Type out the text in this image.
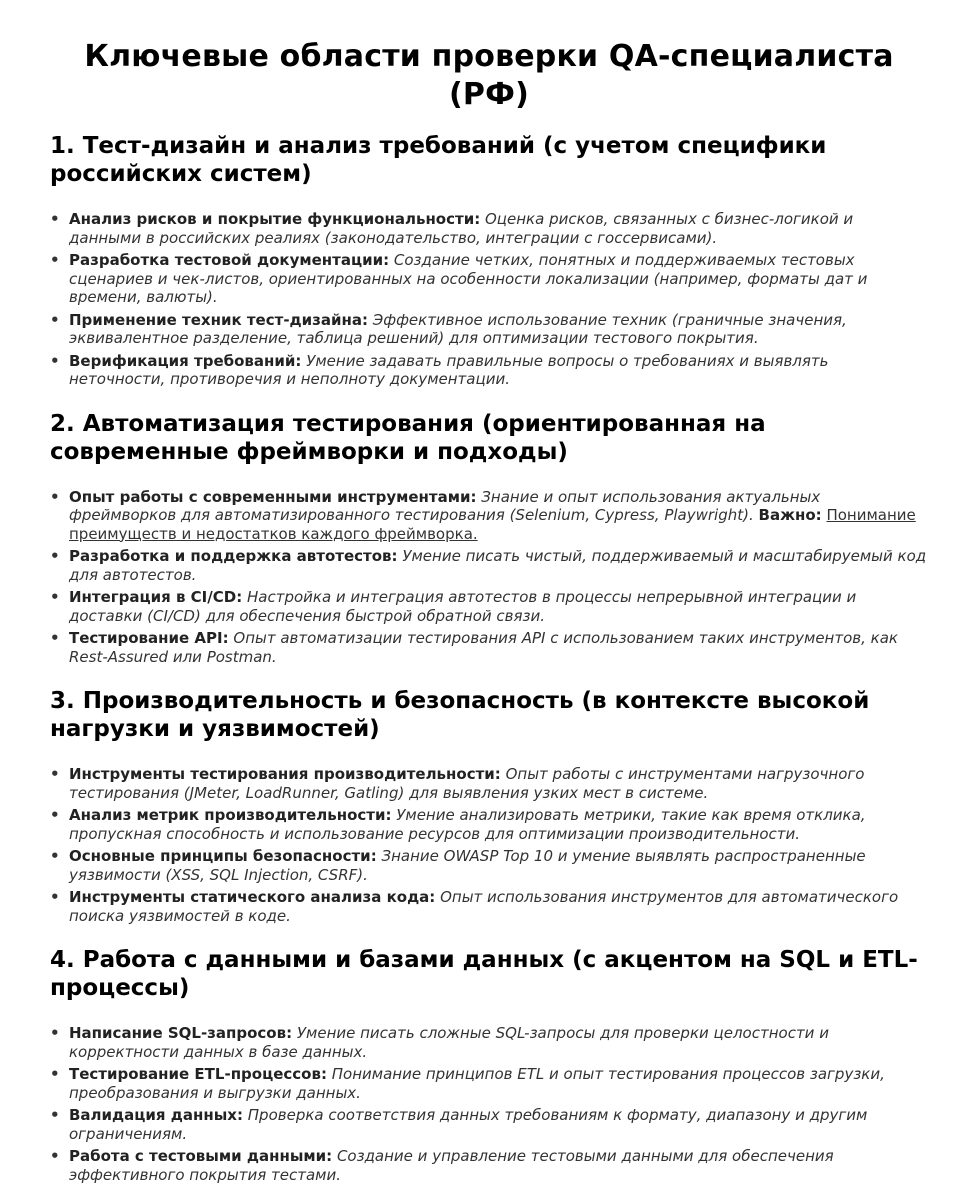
Ключевые области проверки QA-специалиста (РФ)
1. Тест-дизайн и анализ требований (с учетом специфики российских систем)
• Анализ рисков и покрытие функциональности: Оценка рисков, связанных с бизнес-логикой и данными в российских реалиях (законодательство, интеграции с госсервисами).
• Разработка тестовой документации: Создание четких, понятных и поддерживаемых тестовых сценариев и чек-листов, ориентированных на особенности локализации (например, форматы дат и времени, валюты).
• Применение техник тест-дизайна: Эффективное использование техник (граничные значения, эквивалентное разделение, таблица решений) для оптимизации тестового покрытия.
• Верификация требований: Умение задавать правильные вопросы о требованиях и выявлять неточности, противоречия и неполноту документации.
2. Автоматизация тестирования (ориентированная на современные фреймворки и подходы)
• Опыт работы с современными инструментами: Знание и опыт использования актуальных фреймворков для автоматизированного тестирования (Selenium, Cypress, Playwright). Важно: Понимание преимуществ и недостатков каждого фреймворка.
• Разработка и поддержка автотестов: Умение писать чистый, поддерживаемый и масштабируемый код для автотестов.
• Интеграция в CI/CD: Настройка и интеграция автотестов в процессы непрерывной интеграции и доставки (CI/CD) для обеспечения быстрой обратной связи.
• Тестирование API: Опыт автоматизации тестирования API с использованием таких инструментов, как Rest-Assured или Postman.
3. Производительность и безопасность (в контексте высокой нагрузки и уязвимостей)
• Инструменты тестирования производительности: Опыт работы с инструментами нагрузочного тестирования (JMeter, LoadRunner, Gatling) для выявления узких мест в системе.
• Анализ метрик производительности: Умение анализировать метрики, такие как время отклика, пропускная способность и использование ресурсов для оптимизации производительности.
• Основные принципы безопасности: Знание OWASP Top 10 и умение выявлять распространенные уязвимости (XSS, SQL Injection, CSRF).
• Инструменты статического анализа кода: Опыт использования инструментов для автоматического поиска уязвимостей в коде.
4. Работа с данными и базами данных (с акцентом на SQL и ETL-процессы)
• Написание SQL-запросов: Умение писать сложные SQL-запросы для проверки целостности и корректности данных в базе данных.
• Тестирование ETL-процессов: Понимание принципов ETL и опыт тестирования процессов загрузки, преобразования и выгрузки данных.
• Валидация данных: Проверка соответствия данных требованиям к формату, диапазону и другим ограничениям.
• Работа с тестовыми данными: Создание и управление тестовыми данными для обеспечения эффективного покрытия тестами.
